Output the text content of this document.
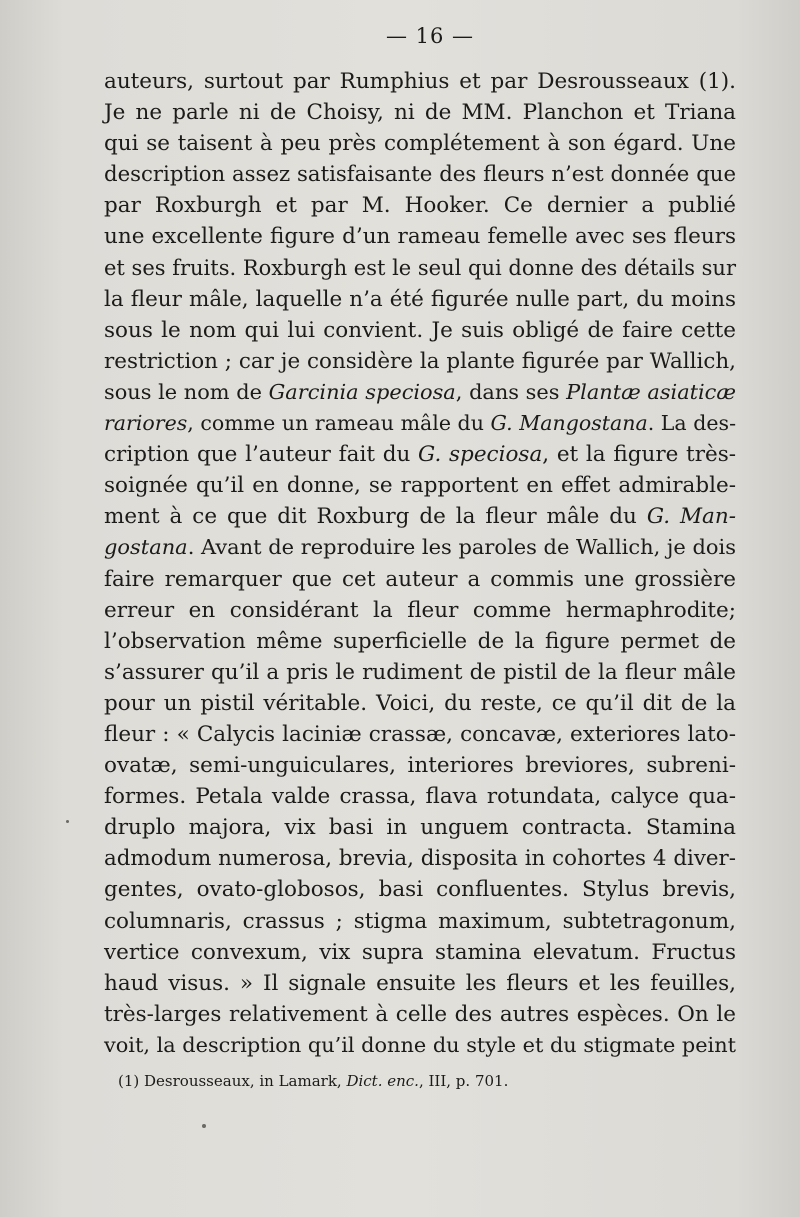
— 16 —
auteurs, surtout par Rumphius et par Desrousseaux (1).
Je ne parle ni de Choisy, ni de MM. Planchon et Triana
qui se taisent à peu près complétement à son égard. Une
description assez satisfaisante des fleurs n’est donnée que
par Roxburgh et par M. Hooker. Ce dernier a publié
une excellente figure d’un rameau femelle avec ses fleurs
et ses fruits. Roxburgh est le seul qui donne des détails sur
la fleur mâle, laquelle n’a été figurée nulle part, du moins
sous le nom qui lui convient. Je suis obligé de faire cette
restriction ; car je considère la plante figurée par Wallich,
sous le nom de Garcinia speciosa, dans ses Plantæ asiaticæ
rariores, comme un rameau mâle du G. Mangostana. La des-
cription que l’auteur fait du G. speciosa, et la figure très-
soignée qu’il en donne, se rapportent en effet admirable-
ment à ce que dit Roxburg de la fleur mâle du G. Man-
gostana. Avant de reproduire les paroles de Wallich, je dois
faire remarquer que cet auteur a commis une grossière
erreur en considérant la fleur comme hermaphrodite;
l’observation même superficielle de la figure permet de
s’assurer qu’il a pris le rudiment de pistil de la fleur mâle
pour un pistil véritable. Voici, du reste, ce qu’il dit de la
fleur : « Calycis laciniæ crassæ, concavæ, exteriores lato-
ovatæ, semi-unguiculares, interiores breviores, subreni-
formes. Petala valde crassa, flava rotundata, calyce qua-
druplo majora, vix basi in unguem contracta. Stamina
admodum numerosa, brevia, disposita in cohortes 4 diver-
gentes, ovato-globosos, basi confluentes. Stylus brevis,
columnaris, crassus ; stigma maximum, subtetragonum,
vertice convexum, vix supra stamina elevatum. Fructus
haud visus. » Il signale ensuite les fleurs et les feuilles,
très-larges relativement à celle des autres espèces. On le
voit, la description qu’il donne du style et du stigmate peint
(1) Desrousseaux, in Lamark, Dict. enc., III, p. 701.
